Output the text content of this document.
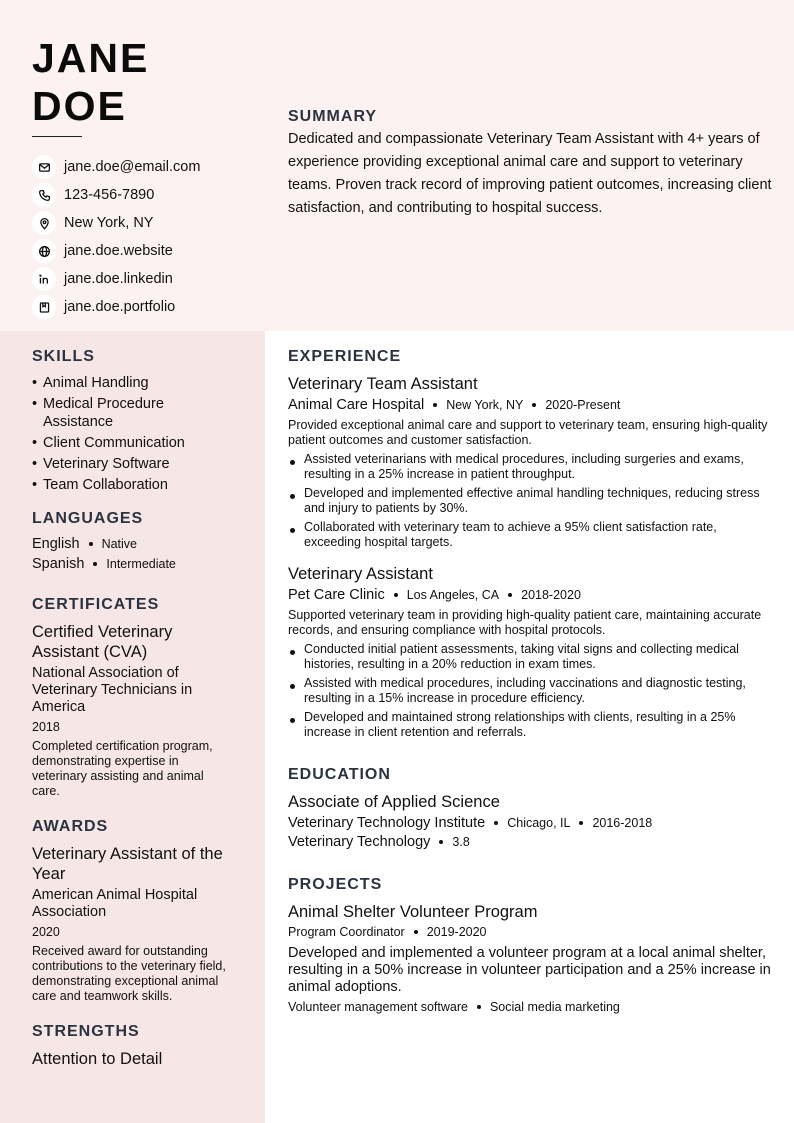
JANE
DOE
jane.doe@email.com
123-456-7890
New York, NY
jane.doe.website
jane.doe.linkedin
jane.doe.portfolio
SUMMARY
Dedicated and compassionate Veterinary Team Assistant with 4+ years of experience providing exceptional animal care and support to veterinary teams. Proven track record of improving patient outcomes, increasing client satisfaction, and contributing to hospital success.
SKILLS
• Animal Handling
• Medical Procedure Assistance
• Client Communication
• Veterinary Software
• Team Collaboration
LANGUAGES
English Native
Spanish Intermediate
CERTIFICATES
Certified Veterinary Assistant (CVA)
National Association of Veterinary Technicians in America
2018
Completed certification program, demonstrating expertise in veterinary assisting and animal care.
AWARDS
Veterinary Assistant of the Year
American Animal Hospital Association
2020
Received award for outstanding contributions to the veterinary field, demonstrating exceptional animal care and teamwork skills.
STRENGTHS
Attention to Detail
EXPERIENCE
Veterinary Team Assistant
Animal Care Hospital New York, NY 2020-Present
Provided exceptional animal care and support to veterinary team, ensuring high-quality patient outcomes and customer satisfaction.
Assisted veterinarians with medical procedures, including surgeries and exams, resulting in a 25% increase in patient throughput.
Developed and implemented effective animal handling techniques, reducing stress and injury to patients by 30%.
Collaborated with veterinary team to achieve a 95% client satisfaction rate, exceeding hospital targets.
Veterinary Assistant
Pet Care Clinic Los Angeles, CA 2018-2020
Supported veterinary team in providing high-quality patient care, maintaining accurate records, and ensuring compliance with hospital protocols.
Conducted initial patient assessments, taking vital signs and collecting medical histories, resulting in a 20% reduction in exam times.
Assisted with medical procedures, including vaccinations and diagnostic testing, resulting in a 15% increase in procedure efficiency.
Developed and maintained strong relationships with clients, resulting in a 25% increase in client retention and referrals.
EDUCATION
Associate of Applied Science
Veterinary Technology Institute Chicago, IL 2016-2018
Veterinary Technology 3.8
PROJECTS
Animal Shelter Volunteer Program
Program Coordinator 2019-2020
Developed and implemented a volunteer program at a local animal shelter, resulting in a 50% increase in volunteer participation and a 25% increase in animal adoptions.
Volunteer management software Social media marketing
